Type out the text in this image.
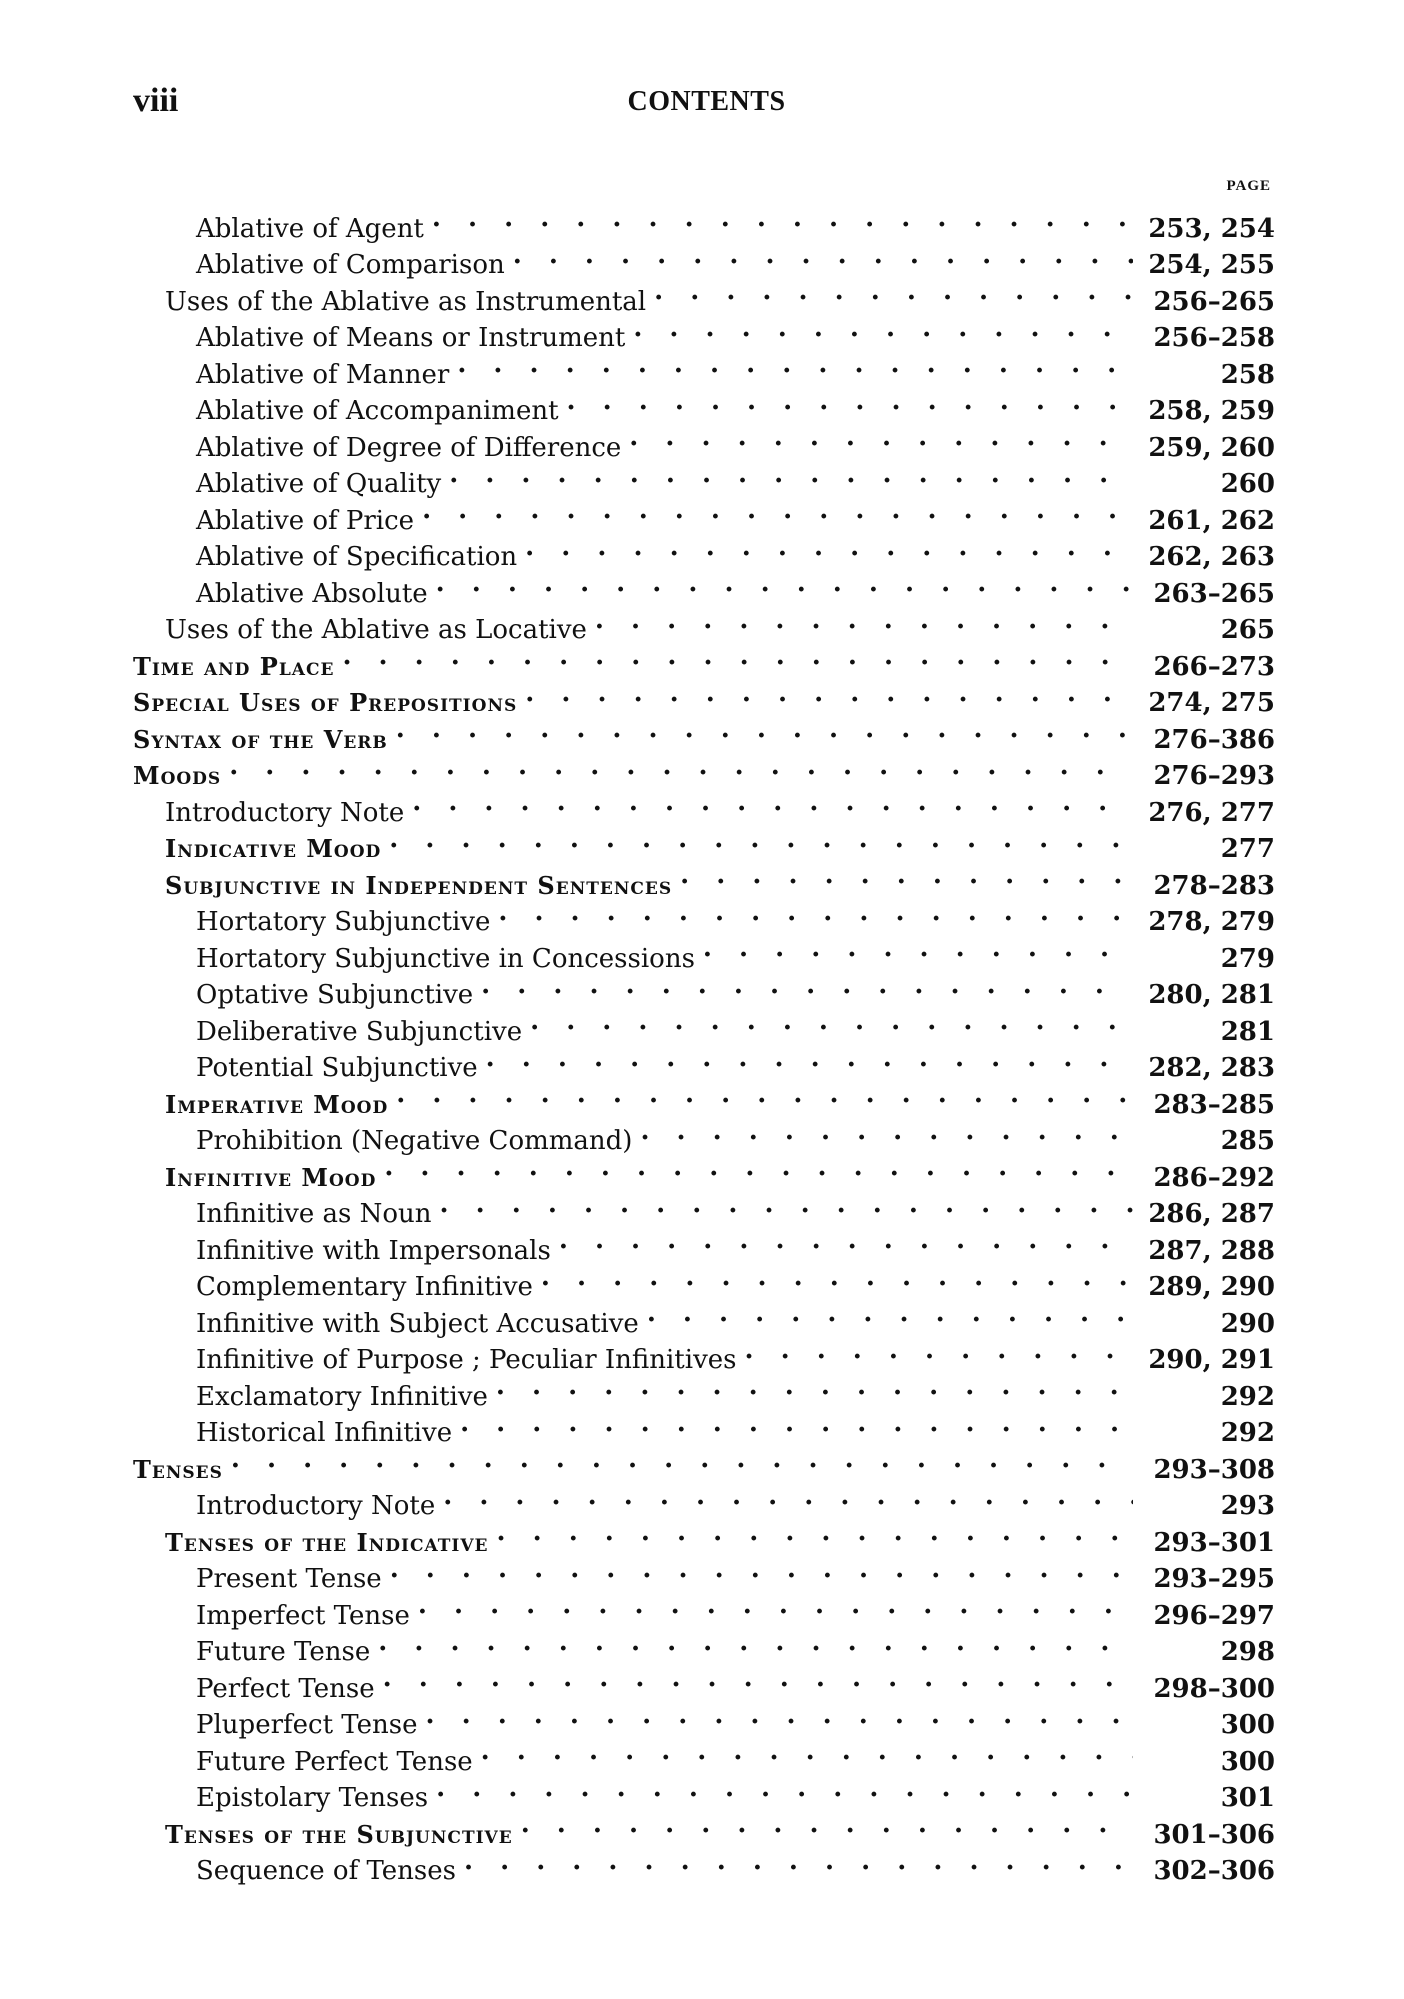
viii	CONTENTS
PAGE
Ablative of Agent . . .	253, 254
Ablative of Comparison . . .	254, 255
Uses of the Ablative as Instrumental . . .	256–265
Ablative of Means or Instrument . . .	256–258
Ablative of Manner . . .	258
Ablative of Accompaniment . . .	258, 259
Ablative of Degree of Difference . . .	259, 260
Ablative of Quality . . .	260
Ablative of Price . . .	261, 262
Ablative of Specification . . .	262, 263
Ablative Absolute . . .	263–265
Uses of the Ablative as Locative . . .	265
Time and Place . . .	266–273
Special Uses of Prepositions . . .	274, 275
Syntax of the Verb . . .	276–386
Moods . . .	276–293
Introductory Note . . .	276, 277
Indicative Mood . . .	277
Subjunctive in Independent Sentences . . .	278–283
Hortatory Subjunctive . . .	278, 279
Hortatory Subjunctive in Concessions . . .	279
Optative Subjunctive . . .	280, 281
Deliberative Subjunctive . . .	281
Potential Subjunctive . . .	282, 283
Imperative Mood . . .	283–285
Prohibition (Negative Command) . . .	285
Infinitive Mood . . .	286–292
Infinitive as Noun . . .	286, 287
Infinitive with Impersonals . . .	287, 288
Complementary Infinitive . . .	289, 290
Infinitive with Subject Accusative . . .	290
Infinitive of Purpose ; Peculiar Infinitives . . .	290, 291
Exclamatory Infinitive . . .	292
Historical Infinitive . . .	292
Tenses . . .	293–308
Introductory Note . . .	293
Tenses of the Indicative . . .	293–301
Present Tense . . .	293–295
Imperfect Tense . . .	296–297
Future Tense . . .	298
Perfect Tense . . .	298–300
Pluperfect Tense . . .	300
Future Perfect Tense . . .	300
Epistolary Tenses . . .	301
Tenses of the Subjunctive . . .	301–306
Sequence of Tenses . . .	302–306
